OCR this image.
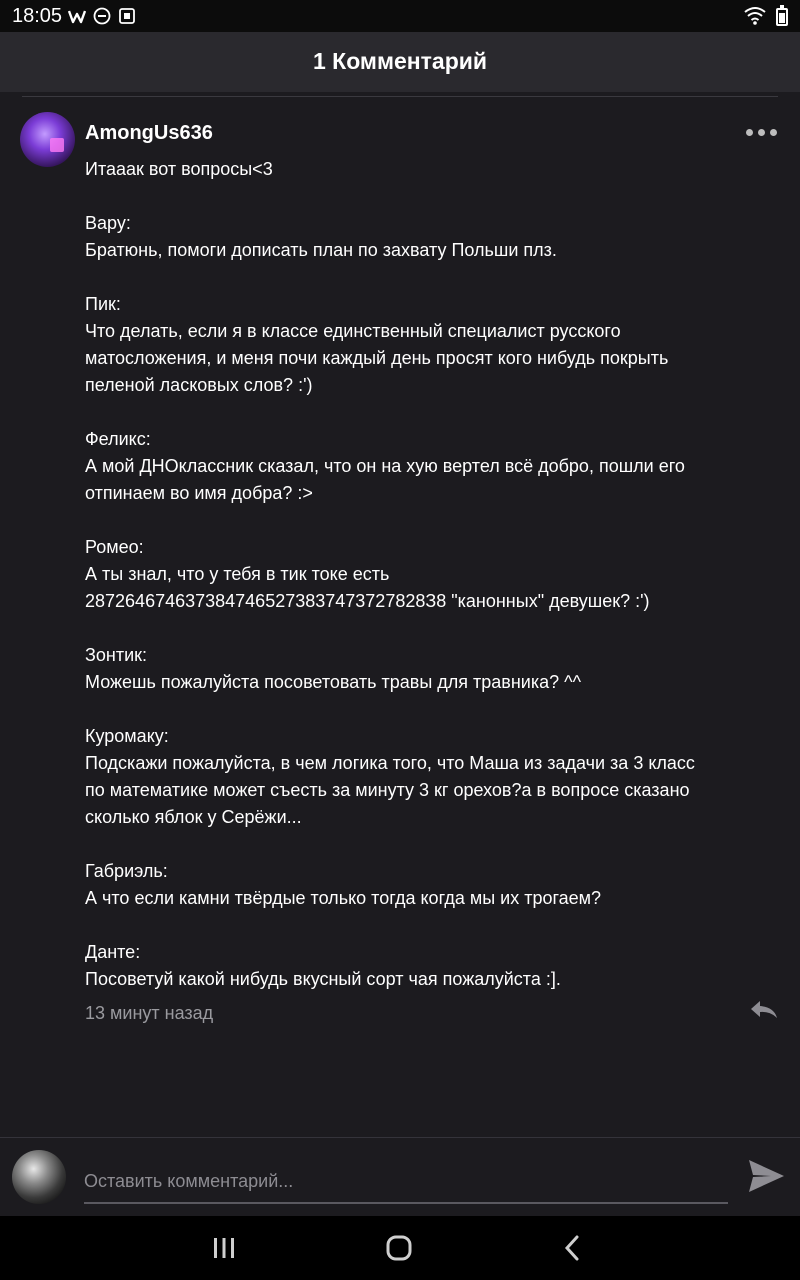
18:05
1 Комментарий
AmongUs636
Итааак вот вопросы<3
Вару:
Братюнь, помоги дописать план по захвату Польши плз.
Пик:
Что делать, если я в классе единственный специалист русского
матосложения, и меня почи каждый день просят кого нибудь покрыть
пеленой ласковых слов? :')
Феликс:
А мой ДНОклассник сказал, что он на хую вертел всё добро, пошли его
отпинаем во имя добра? :>
Ромео:
А ты знал, что у тебя в тик токе есть
2872646746373847465273837473727828З8 "канонных" девушек? :')
Зонтик:
Можешь пожалуйста посоветовать травы для травника? ^^
Куромаку:
Подскажи пожалуйста, в чем логика того, что Маша из задачи за 3 класс
по математике может съесть за минуту 3 кг орехов?а в вопросе сказано
сколько яблок у Серёжи...
Габриэль:
А что если камни твёрдые только тогда когда мы их трогаем?
Данте:
Посоветуй какой нибудь вкусный сорт чая пожалуйста :].
13 минут назад
Оставить комментарий...
